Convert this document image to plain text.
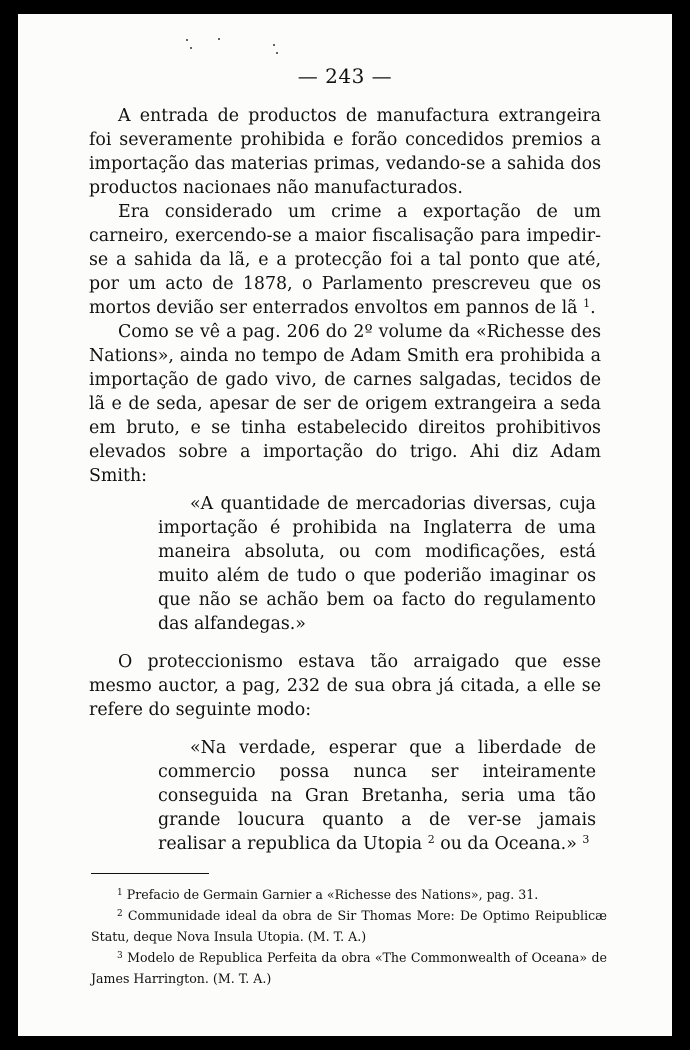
— 243 —

A entrada de productos de manufactura extrangeira foi severamente prohibida e forão concedidos premios a importação das materias primas, vedando-se a sahida dos productos nacionaes não manufacturados.

Era considerado um crime a exportação de um carneiro, exercendo-se a maior fiscalisação para impedir-se a sahida da lã, e a protecção foi a tal ponto que até, por um acto de 1878, o Parlamento prescreveu que os mortos devião ser enterrados envoltos em pannos de lã $^1$.

Como se vê a pag. 206 do 2º volume da «Richesse des Nations», ainda no tempo de Adam Smith era prohibida a importação de gado vivo, de carnes salgadas, tecidos de lã e de seda, apesar de ser de origem extrangeira a seda em bruto, e se tinha estabelecido direitos prohibitivos elevados sobre a importação do trigo. Ahi diz Adam Smith:

«A quantidade de mercadorias diversas, cuja importação é prohibida na Inglaterra de uma maneira absoluta, ou com modificações, está muito além de tudo o que poderião imaginar os que não se achão bem oa facto do regulamento das alfandegas.»

O proteccionismo estava tão arraigado que esse mesmo auctor, a pag, 232 de sua obra já citada, a elle se refere do seguinte modo:

«Na verdade, esperar que a liberdade de commercio possa nunca ser inteiramente conseguida na Gran Bretanha, seria uma tão grande loucura quanto a de ver-se jamais realisar a republica da Utopia $^2$ ou da Oceana.» $^3$

$^1$ Prefacio de Germain Garnier a «Richesse des Nations», pag. 31.

$^2$ Communidade ideal da obra de Sir Thomas More: De Optimo Reipublicæ Statu, deque Nova Insula Utopia. (M. T. A.)

$^3$ Modelo de Republica Perfeita da obra «The Commonwealth of Oceana» de James Harrington. (M. T. A.)
